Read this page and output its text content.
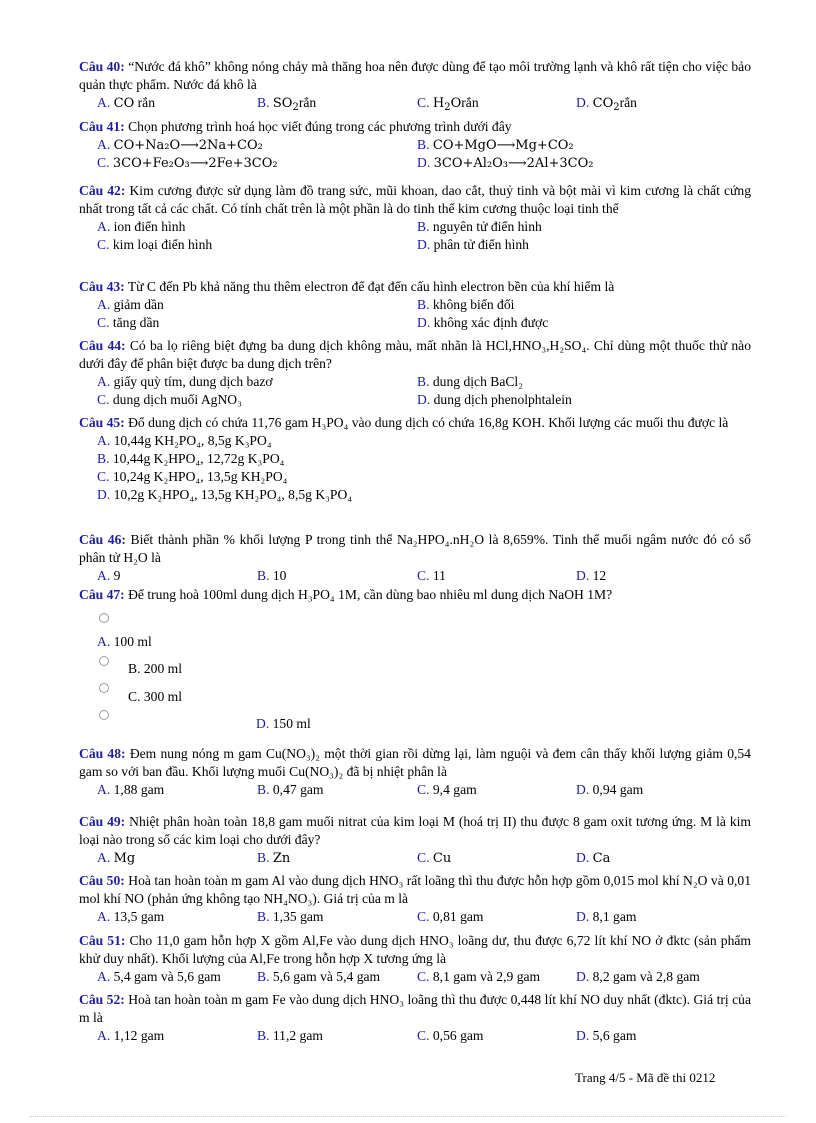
Câu 40: “Nước đá khô” không nóng chảy mà thăng hoa nên được dùng để tạo môi trường lạnh và khô rất tiện cho việc bảo quản thực phẩm. Nước đá khô là
A. CO rắn	B. $SO_2rắn$	C. $H_2Orắn$	D. $CO_2rắn$
Câu 41: Chọn phương trình hoá học viết đúng trong các phương trình dưới đây
A. CO+Na₂O⟶2Na+CO₂	B. CO+MgO⟶Mg+CO₂
C. 3CO+Fe₂O₃⟶2Fe+3CO₂	D. 3CO+Al₂O₃⟶2Al+3CO₂
Câu 42: Kim cương được sử dụng làm đồ trang sức, mũi khoan, dao cắt, thuỷ tinh và bột mài vì kim cương là chất cứng nhất trong tất cả các chất. Có tính chất trên là một phần là do tinh thể kim cương thuộc loại tinh thể
A. ion điển hình	B. nguyên tử điển hình
C. kim loại điển hình	D. phân tử điển hình
Câu 43: Từ C đến Pb khả năng thu thêm electron để đạt đến cấu hình electron bền của khí hiếm là
A. giảm dần	B. không biến đổi
C. tăng dần	D. không xác định được
Câu 44: Có ba lọ riêng biệt đựng ba dung dịch không màu, mất nhãn là HCl,HNO₃,H₂SO₄. Chỉ dùng một thuốc thử nào dưới đây để phân biệt được ba dung dịch trên?
A. giấy quỳ tím, dung dịch bazơ	B. dung dịch BaCl₂
C. dung dịch muối AgNO₃	D. dung dịch phenolphtalein
Câu 45: Đổ dung dịch có chứa 11,76 gam H₃PO₄ vào dung dịch có chứa 16,8g KOH. Khối lượng các muối thu được là
A. 10,44g KH₂PO₄, 8,5g K₃PO₄
B. 10,44g K₂HPO₄, 12,72g K₃PO₄
C. 10,24g K₂HPO₄, 13,5g KH₂PO₄
D. 10,2g K₂HPO₄, 13,5g KH₂PO₄, 8,5g K₃PO₄
Câu 46: Biết thành phần % khối lượng P trong tinh thể Na₂HPO₄.nH₂O là 8,659%. Tinh thể muối ngâm nước đó có số phân tử H₂O là
A. 9	B. 10	C. 11	D. 12
Câu 47: Để trung hoà 100ml dung dịch H₃PO₄ 1M, cần dùng bao nhiêu ml dung dịch NaOH 1M?
A. 100 ml
B. 200 ml
C. 300 ml
D. 150 ml
Câu 48: Đem nung nóng m gam Cu(NO₃)₂ một thời gian rồi dừng lại, làm nguội và đem cân thấy khối lượng giảm 0,54 gam so với ban đầu. Khối lượng muối Cu(NO₃)₂ đã bị nhiệt phân là
A. 1,88 gam	B. 0,47 gam	C. 9,4 gam	D. 0,94 gam
Câu 49: Nhiệt phân hoàn toàn 18,8 gam muối nitrat của kim loại M (hoá trị II) thu được 8 gam oxit tương ứng. M là kim loại nào trong số các kim loại cho dưới đây?
A. Mg	B. Zn	C. Cu	D. Ca
Câu 50: Hoà tan hoàn toàn m gam Al vào dung dịch HNO₃ rất loãng thì thu được hỗn hợp gồm 0,015 mol khí N₂O và 0,01 mol khí NO (phản ứng không tạo NH₄NO₃). Giá trị của m là
A. 13,5 gam	B. 1,35 gam	C. 0,81 gam	D. 8,1 gam
Câu 51: Cho 11,0 gam hỗn hợp X gồm Al,Fe vào dung dịch HNO₃ loãng dư, thu được 6,72 lít khí NO ở đktc (sản phẩm khử duy nhất). Khối lượng của Al,Fe trong hỗn hợp X tương ứng là
A. 5,4 gam và 5,6 gam	B. 5,6 gam và 5,4 gam	C. 8,1 gam và 2,9 gam	D. 8,2 gam và 2,8 gam
Câu 52: Hoà tan hoàn toàn m gam Fe vào dung dịch HNO₃ loãng thì thu được 0,448 lít khí NO duy nhất (đktc). Giá trị của m là
A. 1,12 gam	B. 11,2 gam	C. 0,56 gam	D. 5,6 gam
Trang 4/5 - Mã đề thi 0212
